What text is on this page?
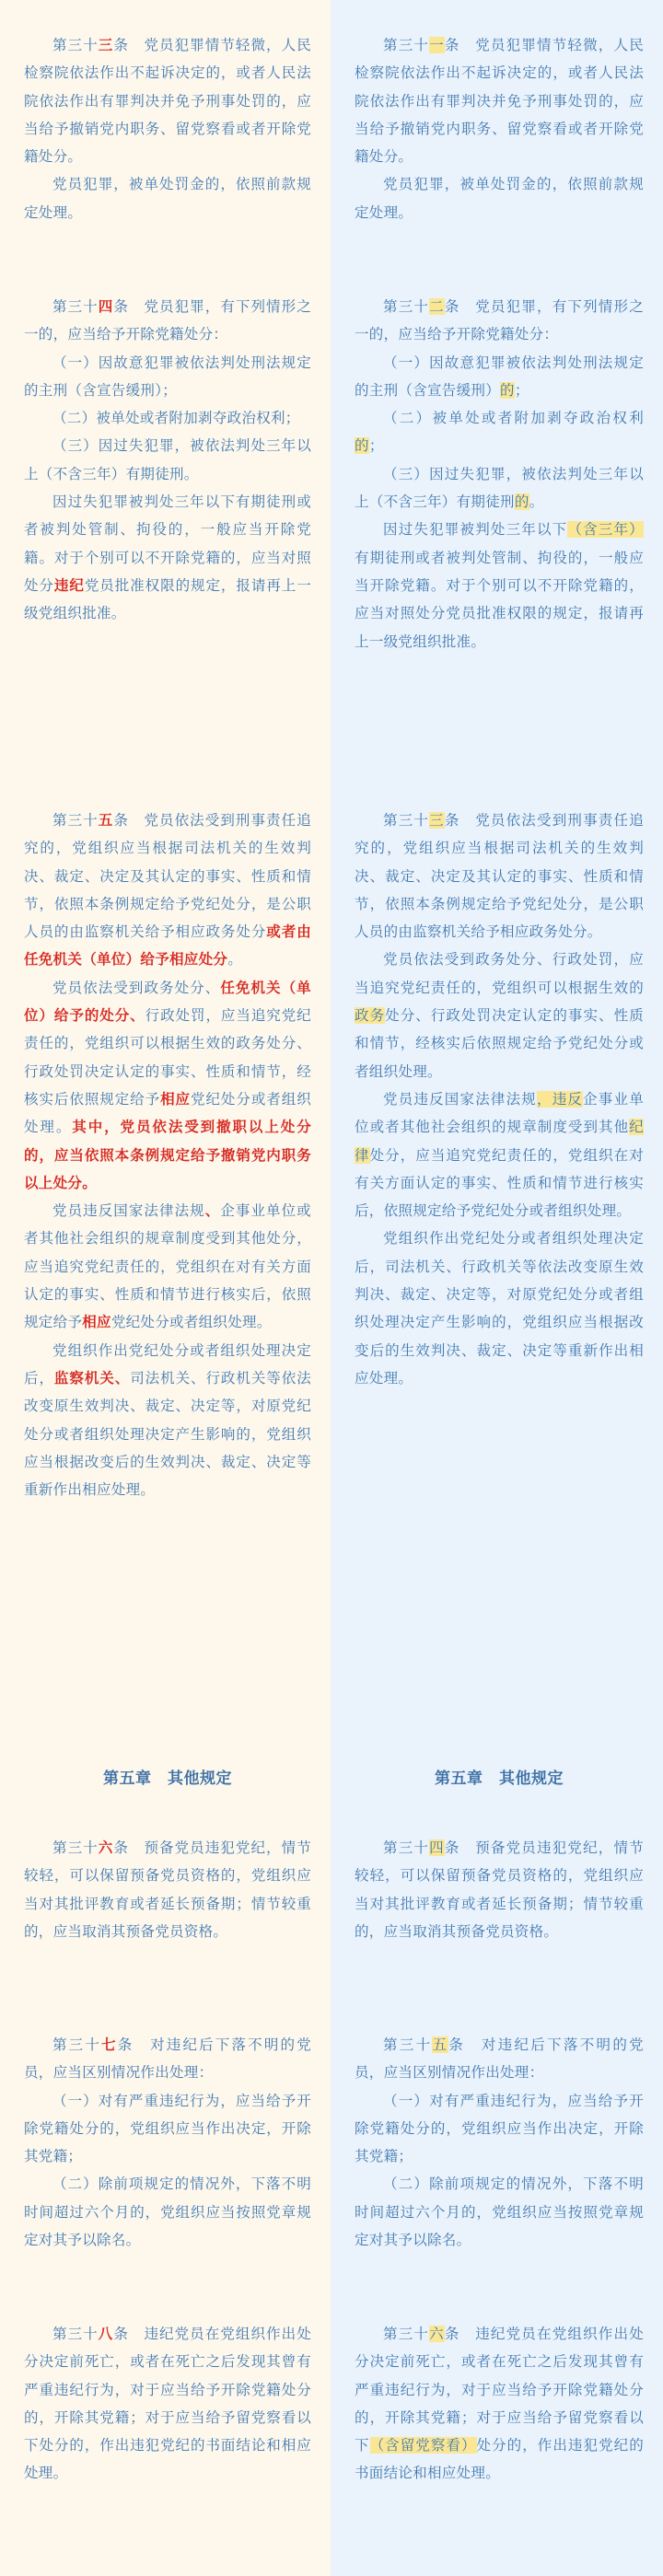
第三十三条　党员犯罪情节轻微，人民检察院依法作出不起诉决定的，或者人民法院依法作出有罪判决并免予刑事处罚的，应当给予撤销党内职务、留党察看或者开除党籍处分。

党员犯罪，被单处罚金的，依照前款规定处理。

第三十四条　党员犯罪，有下列情形之一的，应当给予开除党籍处分：

（一）因故意犯罪被依法判处刑法规定的主刑（含宣告缓刑）；

（二）被单处或者附加剥夺政治权利；

（三）因过失犯罪，被依法判处三年以上（不含三年）有期徒刑。

因过失犯罪被判处三年以下有期徒刑或者被判处管制、拘役的，一般应当开除党籍。对于个别可以不开除党籍的，应当对照处分违纪党员批准权限的规定，报请再上一级党组织批准。

第三十五条　党员依法受到刑事责任追究的，党组织应当根据司法机关的生效判决、裁定、决定及其认定的事实、性质和情节，依照本条例规定给予党纪处分，是公职人员的由监察机关给予相应政务处分或者由任免机关（单位）给予相应处分。

党员依法受到政务处分、任免机关（单位）给予的处分、行政处罚，应当追究党纪责任的，党组织可以根据生效的政务处分、行政处罚决定认定的事实、性质和情节，经核实后依照规定给予相应党纪处分或者组织处理。其中，党员依法受到撤职以上处分的，应当依照本条例规定给予撤销党内职务以上处分。

党员违反国家法律法规、企事业单位或者其他社会组织的规章制度受到其他处分，应当追究党纪责任的，党组织在对有关方面认定的事实、性质和情节进行核实后，依照规定给予相应党纪处分或者组织处理。

党组织作出党纪处分或者组织处理决定后，监察机关、司法机关、行政机关等依法改变原生效判决、裁定、决定等，对原党纪处分或者组织处理决定产生影响的，党组织应当根据改变后的生效判决、裁定、决定等重新作出相应处理。

第五章　其他规定

第三十六条　预备党员违犯党纪，情节较轻，可以保留预备党员资格的，党组织应当对其批评教育或者延长预备期；情节较重的，应当取消其预备党员资格。

第三十七条　对违纪后下落不明的党员，应当区别情况作出处理：

（一）对有严重违纪行为，应当给予开除党籍处分的，党组织应当作出决定，开除其党籍；

（二）除前项规定的情况外，下落不明时间超过六个月的，党组织应当按照党章规定对其予以除名。

第三十八条　违纪党员在党组织作出处分决定前死亡，或者在死亡之后发现其曾有严重违纪行为，对于应当给予开除党籍处分的，开除其党籍；对于应当给予留党察看以下处分的，作出违犯党纪的书面结论和相应处理。

第三十一条　党员犯罪情节轻微，人民检察院依法作出不起诉决定的，或者人民法院依法作出有罪判决并免予刑事处罚的，应当给予撤销党内职务、留党察看或者开除党籍处分。

党员犯罪，被单处罚金的，依照前款规定处理。

第三十二条　党员犯罪，有下列情形之一的，应当给予开除党籍处分：

（一）因故意犯罪被依法判处刑法规定的主刑（含宣告缓刑）的；

（二）被单处或者附加剥夺政治权利的；

（三）因过失犯罪，被依法判处三年以上（不含三年）有期徒刑的。

因过失犯罪被判处三年以下（含三年）有期徒刑或者被判处管制、拘役的，一般应当开除党籍。对于个别可以不开除党籍的，应当对照处分党员批准权限的规定，报请再上一级党组织批准。

第三十三条　党员依法受到刑事责任追究的，党组织应当根据司法机关的生效判决、裁定、决定及其认定的事实、性质和情节，依照本条例规定给予党纪处分，是公职人员的由监察机关给予相应政务处分。

党员依法受到政务处分、行政处罚，应当追究党纪责任的，党组织可以根据生效的政务处分、行政处罚决定认定的事实、性质和情节，经核实后依照规定给予党纪处分或者组织处理。

党员违反国家法律法规，违反企事业单位或者其他社会组织的规章制度受到其他纪律处分，应当追究党纪责任的，党组织在对有关方面认定的事实、性质和情节进行核实后，依照规定给予党纪处分或者组织处理。

党组织作出党纪处分或者组织处理决定后，司法机关、行政机关等依法改变原生效判决、裁定、决定等，对原党纪处分或者组织处理决定产生影响的，党组织应当根据改变后的生效判决、裁定、决定等重新作出相应处理。

第五章　其他规定

第三十四条　预备党员违犯党纪，情节较轻，可以保留预备党员资格的，党组织应当对其批评教育或者延长预备期；情节较重的，应当取消其预备党员资格。

第三十五条　对违纪后下落不明的党员，应当区别情况作出处理：

（一）对有严重违纪行为，应当给予开除党籍处分的，党组织应当作出决定，开除其党籍；

（二）除前项规定的情况外，下落不明时间超过六个月的，党组织应当按照党章规定对其予以除名。

第三十六条　违纪党员在党组织作出处分决定前死亡，或者在死亡之后发现其曾有严重违纪行为，对于应当给予开除党籍处分的，开除其党籍；对于应当给予留党察看以下（含留党察看）处分的，作出违犯党纪的书面结论和相应处理。
